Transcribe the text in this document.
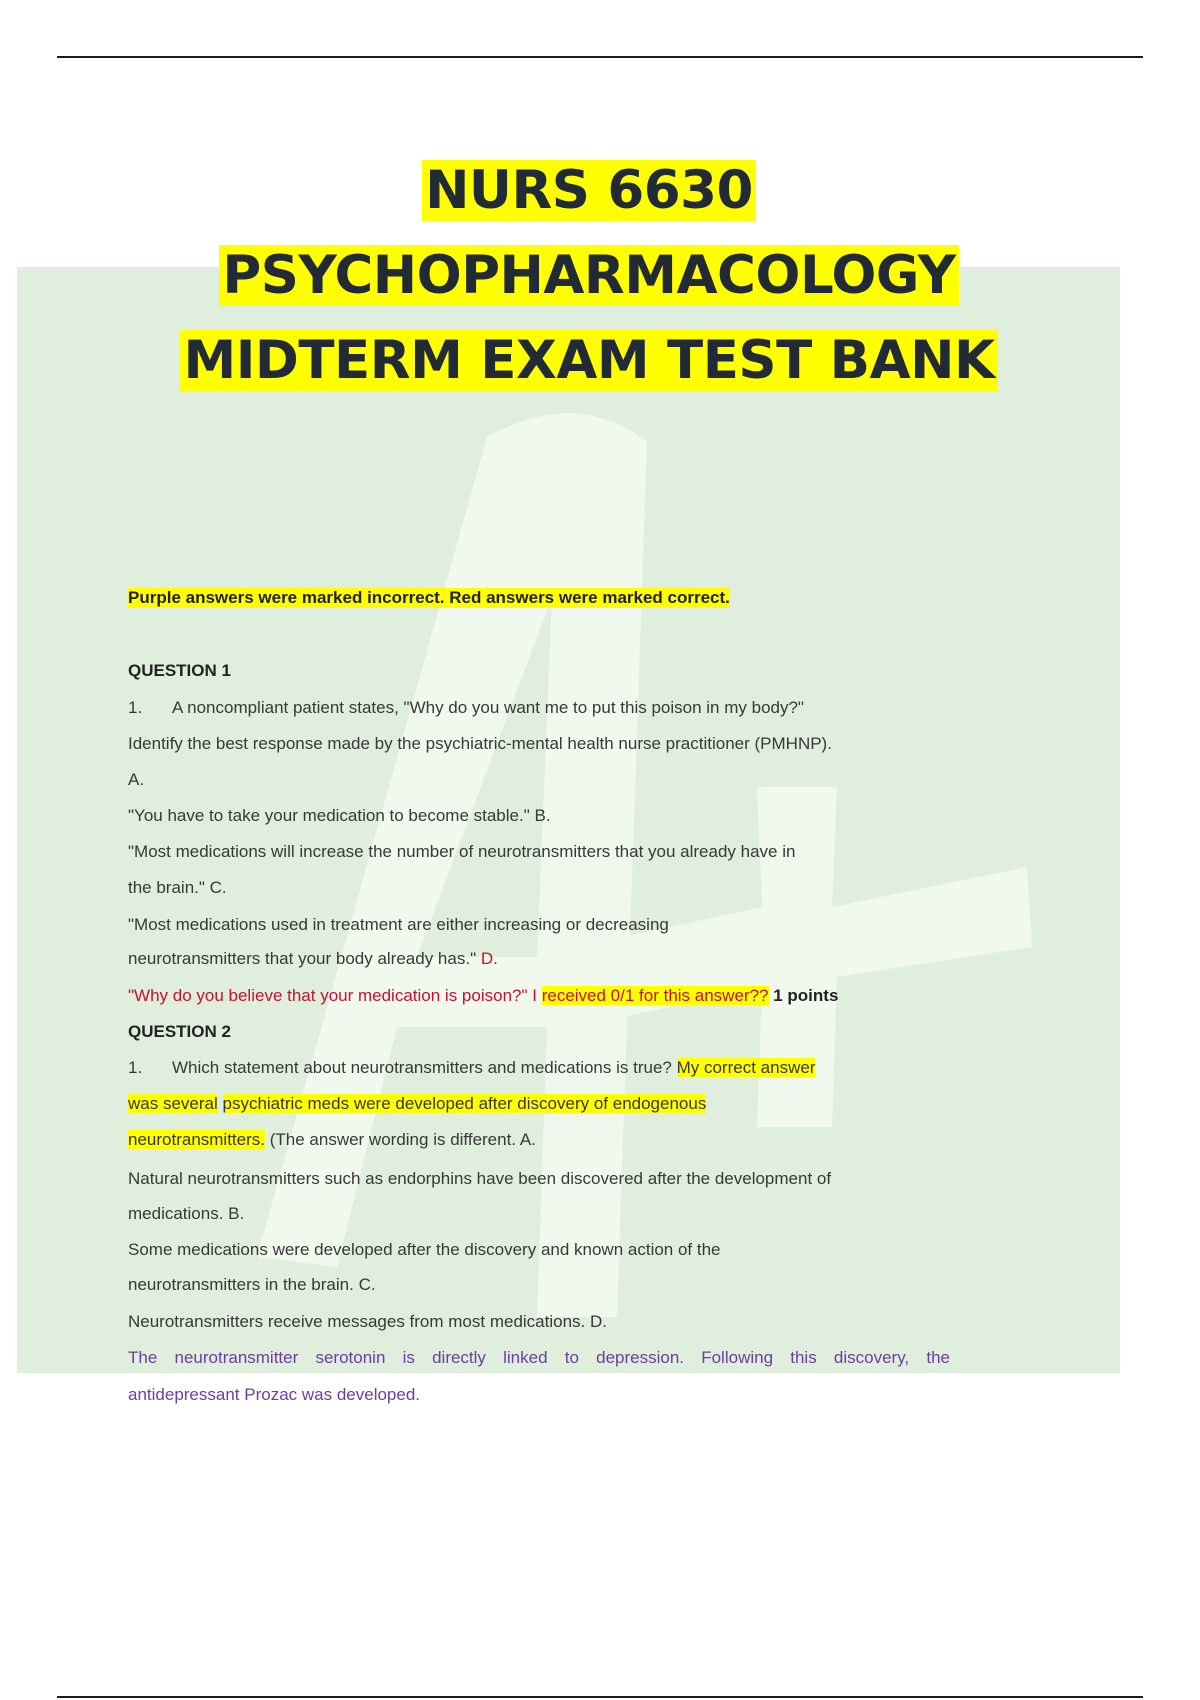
NURS 6630
PSYCHOPHARMACOLOGY
MIDTERM EXAM TEST BANK
Purple answers were marked incorrect. Red answers were marked correct.
QUESTION 1
1. A noncompliant patient states, "Why do you want me to put this poison in my body?"
Identify the best response made by the psychiatric-mental health nurse practitioner (PMHNP).
A.
"You have to take your medication to become stable." B.
"Most medications will increase the number of neurotransmitters that you already have in
the brain." C.
"Most medications used in treatment are either increasing or decreasing
neurotransmitters that your body already has." D.
"Why do you believe that your medication is poison?" I received 0/1 for this answer?? 1 points
QUESTION 2
1. Which statement about neurotransmitters and medications is true? My correct answer
was several psychiatric meds were developed after discovery of endogenous
neurotransmitters. (The answer wording is different. A.
Natural neurotransmitters such as endorphins have been discovered after the development of
medications. B.
Some medications were developed after the discovery and known action of the
neurotransmitters in the brain. C.
Neurotransmitters receive messages from most medications. D.
The neurotransmitter serotonin is directly linked to depression. Following this discovery, the
antidepressant Prozac was developed.
